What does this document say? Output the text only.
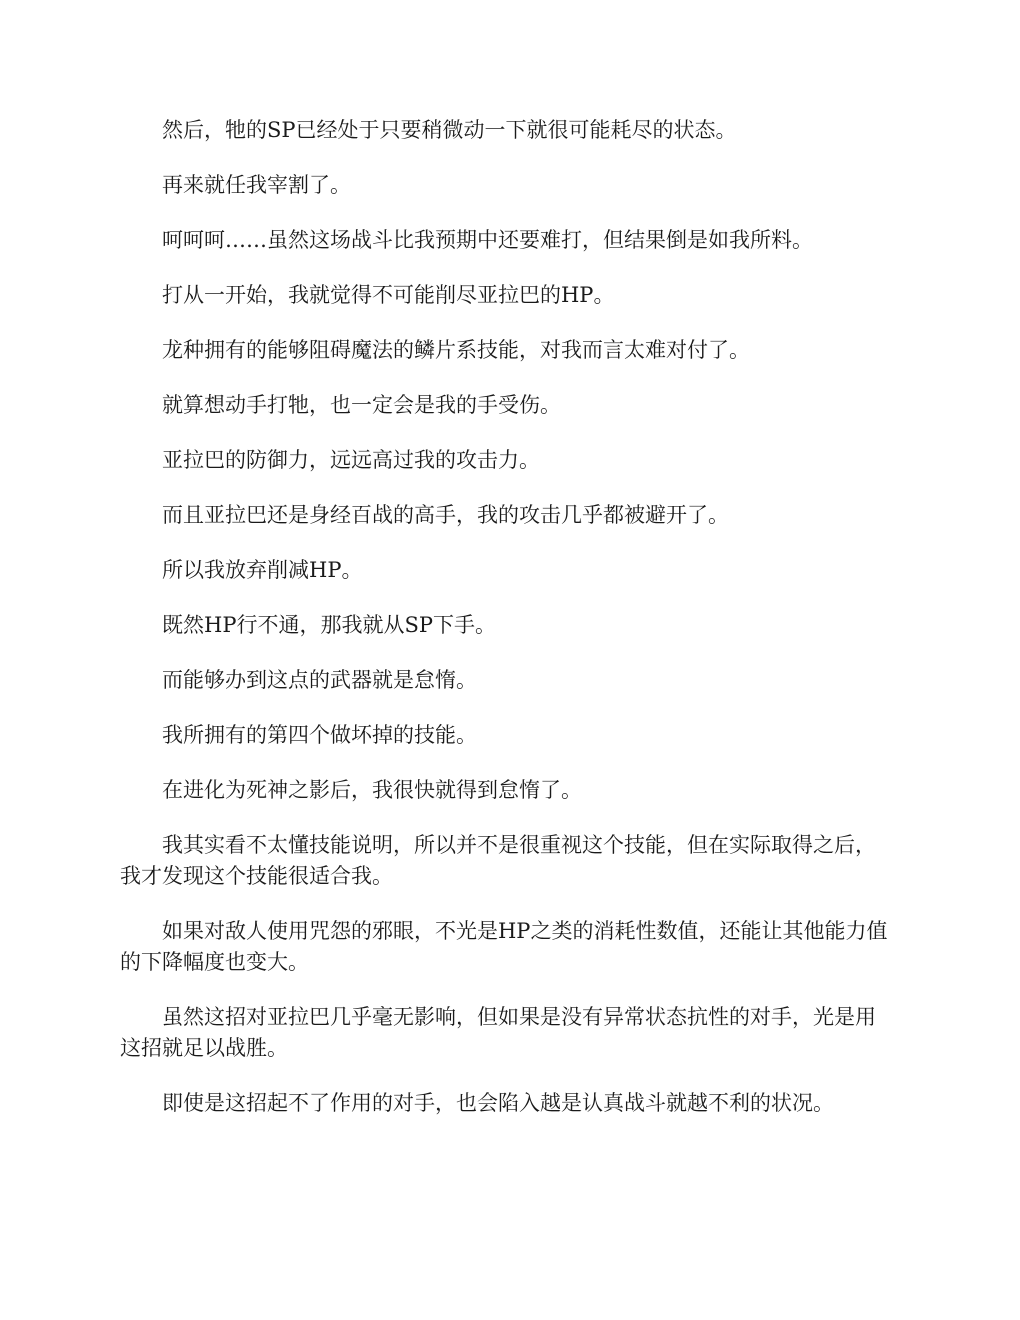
然后，牠的SP已经处于只要稍微动一下就很可能耗尽的状态。

再来就任我宰割了。

呵呵呵……虽然这场战斗比我预期中还要难打，但结果倒是如我所料。

打从一开始，我就觉得不可能削尽亚拉巴的HP。

龙种拥有的能够阻碍魔法的鳞片系技能，对我而言太难对付了。

就算想动手打牠，也一定会是我的手受伤。

亚拉巴的防御力，远远高过我的攻击力。

而且亚拉巴还是身经百战的高手，我的攻击几乎都被避开了。

所以我放弃削减HP。

既然HP行不通，那我就从SP下手。

而能够办到这点的武器就是怠惰。

我所拥有的第四个做坏掉的技能。

在进化为死神之影后，我很快就得到怠惰了。

我其实看不太懂技能说明，所以并不是很重视这个技能，但在实际取得之后，我才发现这个技能很适合我。

如果对敌人使用咒怨的邪眼，不光是HP之类的消耗性数值，还能让其他能力值的下降幅度也变大。

虽然这招对亚拉巴几乎毫无影响，但如果是没有异常状态抗性的对手，光是用这招就足以战胜。

即使是这招起不了作用的对手，也会陷入越是认真战斗就越不利的状况。
